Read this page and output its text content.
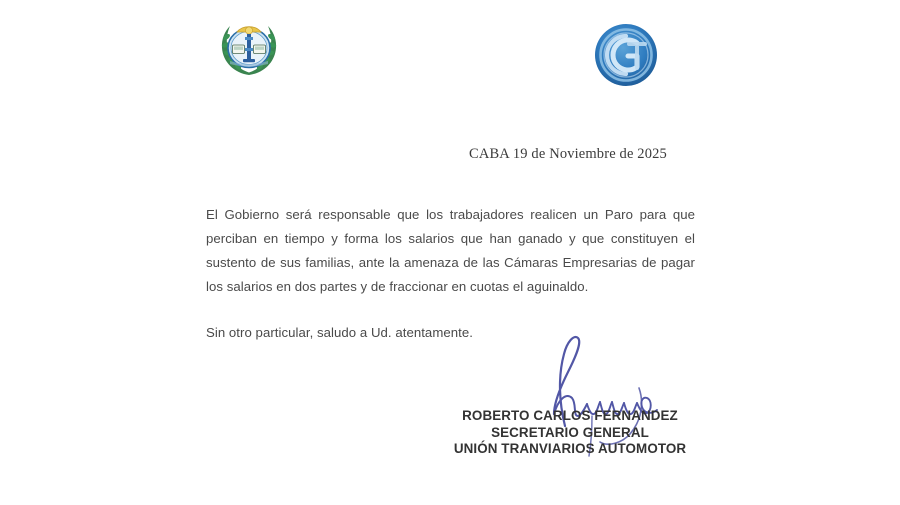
CABA 19 de Noviembre de 2025

El Gobierno será responsable que los trabajadores realicen un Paro para que perciban en tiempo y forma los salarios que han ganado y que constituyen el sustento de sus familias, ante la amenaza de las Cámaras Empresarias de pagar los salarios en dos partes y de fraccionar en cuotas el aguinaldo.

Sin otro particular, saludo a Ud. atentamente.

ROBERTO CARLOS FERNANDEZ
SECRETARIO GENERAL
UNIÓN TRANVIARIOS AUTOMOTOR
